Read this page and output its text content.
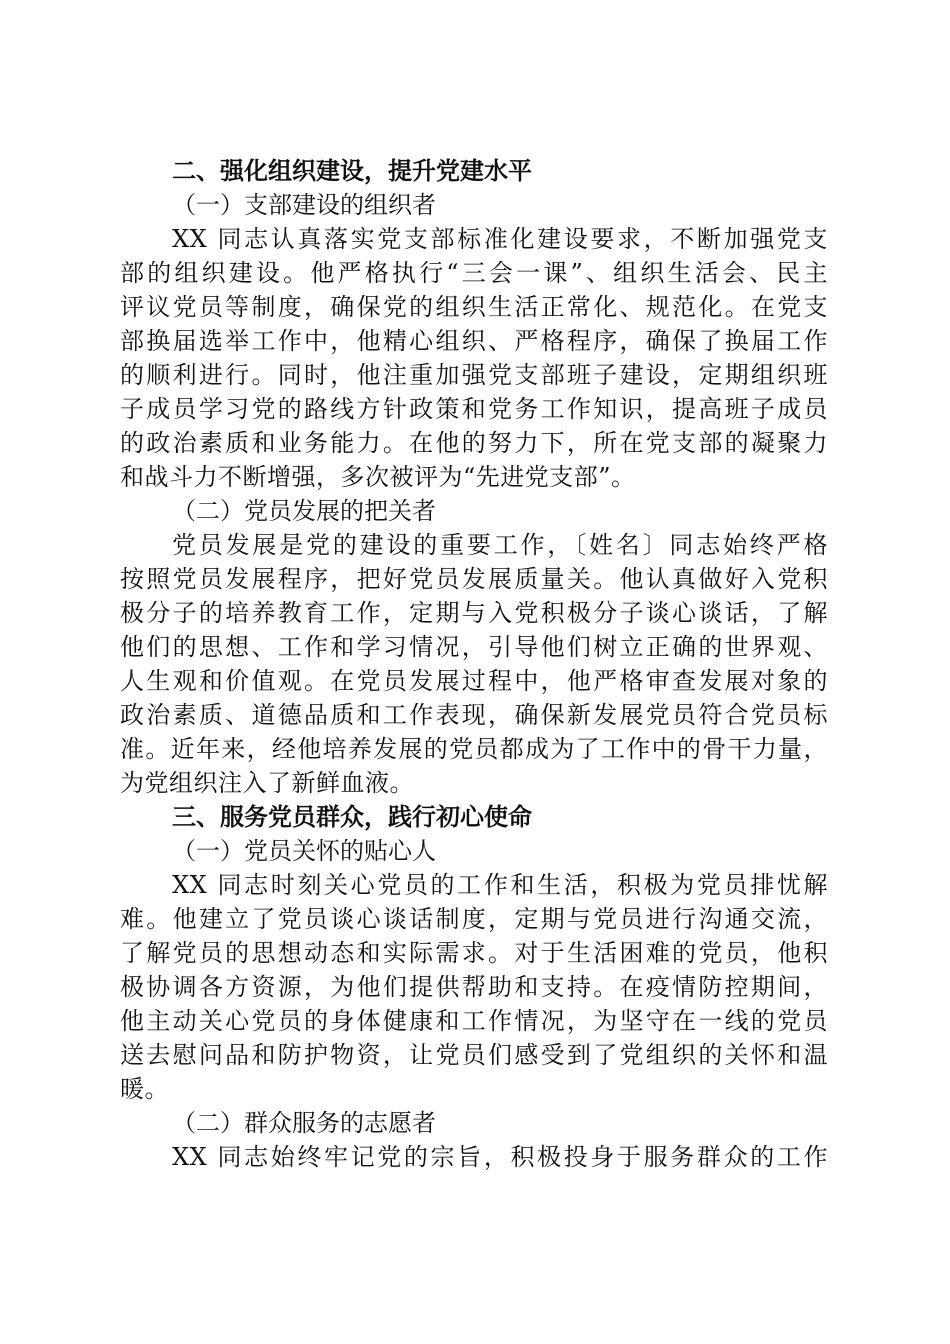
二、强化组织建设，提升党建水平
（一）支部建设的组织者
XX 同志认真落实党支部标准化建设要求，不断加强党支
部的组织建设。他严格执行“三会一课”、组织生活会、民主
评议党员等制度，确保党的组织生活正常化、规范化。在党支
部换届选举工作中，他精心组织、严格程序，确保了换届工作
的顺利进行。同时，他注重加强党支部班子建设，定期组织班
子成员学习党的路线方针政策和党务工作知识，提高班子成员
的政治素质和业务能力。在他的努力下，所在党支部的凝聚力
和战斗力不断增强，多次被评为“先进党支部”。
（二）党员发展的把关者
党员发展是党的建设的重要工作，〔姓名〕同志始终严格
按照党员发展程序，把好党员发展质量关。他认真做好入党积
极分子的培养教育工作，定期与入党积极分子谈心谈话，了解
他们的思想、工作和学习情况，引导他们树立正确的世界观、
人生观和价值观。在党员发展过程中，他严格审查发展对象的
政治素质、道德品质和工作表现，确保新发展党员符合党员标
准。近年来，经他培养发展的党员都成为了工作中的骨干力量，
为党组织注入了新鲜血液。
三、服务党员群众，践行初心使命
（一）党员关怀的贴心人
XX 同志时刻关心党员的工作和生活，积极为党员排忧解
难。他建立了党员谈心谈话制度，定期与党员进行沟通交流，
了解党员的思想动态和实际需求。对于生活困难的党员，他积
极协调各方资源，为他们提供帮助和支持。在疫情防控期间，
他主动关心党员的身体健康和工作情况，为坚守在一线的党员
送去慰问品和防护物资，让党员们感受到了党组织的关怀和温
暖。
（二）群众服务的志愿者
XX 同志始终牢记党的宗旨，积极投身于服务群众的工作
